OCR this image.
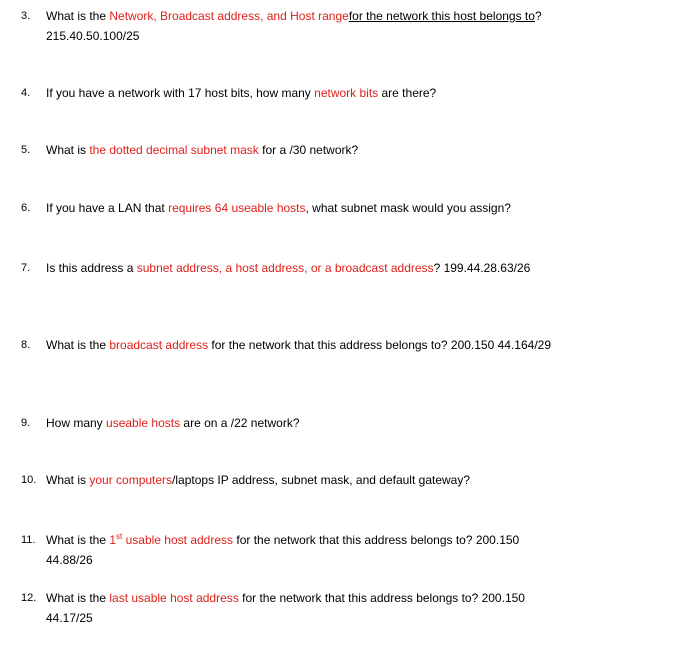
3. What is the Network, Broadcast address, and Host rangefor the network this host belongs to?
215.40.50.100/25
4. If you have a network with 17 host bits, how many network bits are there?
5. What is the dotted decimal subnet mask for a /30 network?
6. If you have a LAN that requires 64 useable hosts, what subnet mask would you assign?
7. Is this address a subnet address, a host address, or a broadcast address? 199.44.28.63/26
8. What is the broadcast address for the network that this address belongs to? 200.150 44.164/29
9. How many useable hosts are on a /22 network?
10. What is your computers/laptops IP address, subnet mask, and default gateway?
11. What is the 1st usable host address for the network that this address belongs to? 200.150
44.88/26
12. What is the last usable host address for the network that this address belongs to? 200.150
44.17/25
